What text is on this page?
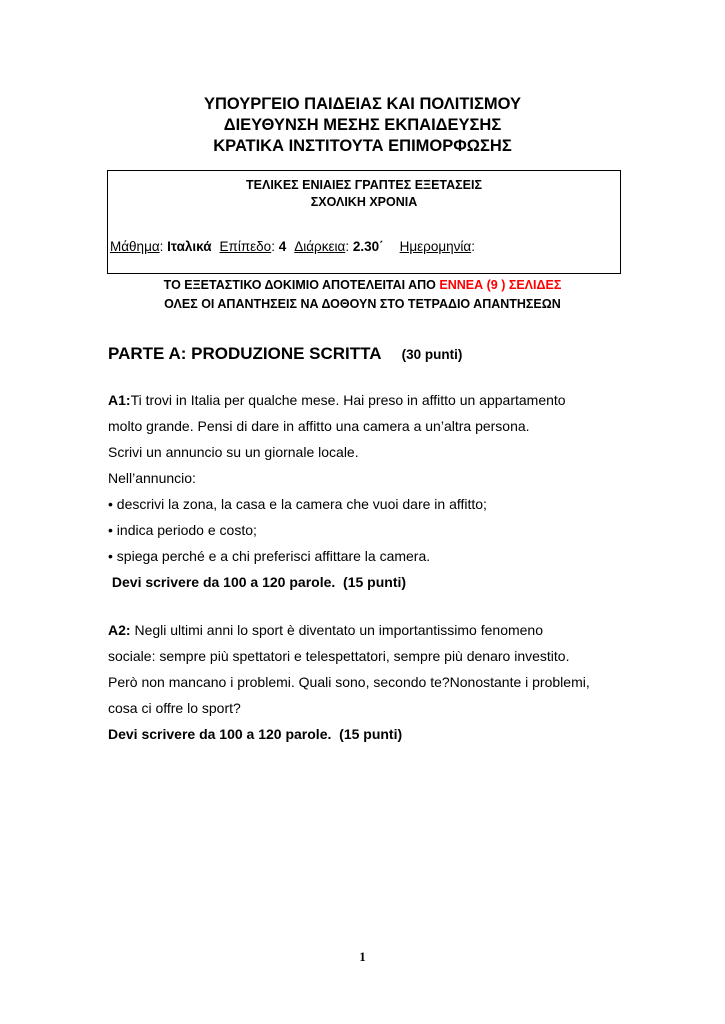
ΥΠΟΥΡΓΕΙΟ ΠΑΙΔΕΙΑΣ ΚΑΙ ΠΟΛΙΤΙΣΜΟΥ
ΔΙΕΥΘΥΝΣΗ ΜΕΣΗΣ ΕΚΠΑΙΔΕΥΣΗΣ
ΚΡΑΤΙΚΑ ΙΝΣΤΙΤΟΥΤΑ ΕΠΙΜΟΡΦΩΣΗΣ
ΤΕΛΙΚΕΣ ΕΝΙΑΙΕΣ ΓΡΑΠΤΕΣ ΕΞΕΤΑΣΕΙΣ
ΣΧΟΛΙΚΗ ΧΡΟΝΙΑ
Μάθημα: Ιταλικά Επίπεδο: 4 Διάρκεια: 2.30΄ Ημερομηνία:
ΤΟ ΕΞΕΤΑΣΤΙΚΟ ΔΟΚΙΜΙΟ ΑΠΟΤΕΛΕΙΤΑΙ ΑΠΟ ΕΝΝΕΑ (9 ) ΣΕΛΙΔΕΣ
ΟΛΕΣ ΟΙ ΑΠΑΝΤΗΣΕΙΣ ΝΑ ΔΟΘΟΥΝ ΣΤΟ ΤΕΤΡΑΔΙΟ ΑΠΑΝΤΗΣΕΩΝ
PARTE A: PRODUZIONE SCRITTA (30 punti)
A1:Ti trovi in Italia per qualche mese. Hai preso in affitto un appartamento
molto grande. Pensi di dare in affitto una camera a un’altra persona.
Scrivi un annuncio su un giornale locale.
Nell’annuncio:
• descrivi la zona, la casa e la camera che vuoi dare in affitto;
• indica periodo e costo;
• spiega perché e a chi preferisci affittare la camera.
Devi scrivere da 100 a 120 parole.  (15 punti)
A2: Negli ultimi anni lo sport è diventato un importantissimo fenomeno
sociale: sempre più spettatori e telespettatori, sempre più denaro investito.
Però non mancano i problemi. Quali sono, secondo te?Nonostante i problemi,
cosa ci offre lo sport?
Devi scrivere da 100 a 120 parole.  (15 punti)
1
